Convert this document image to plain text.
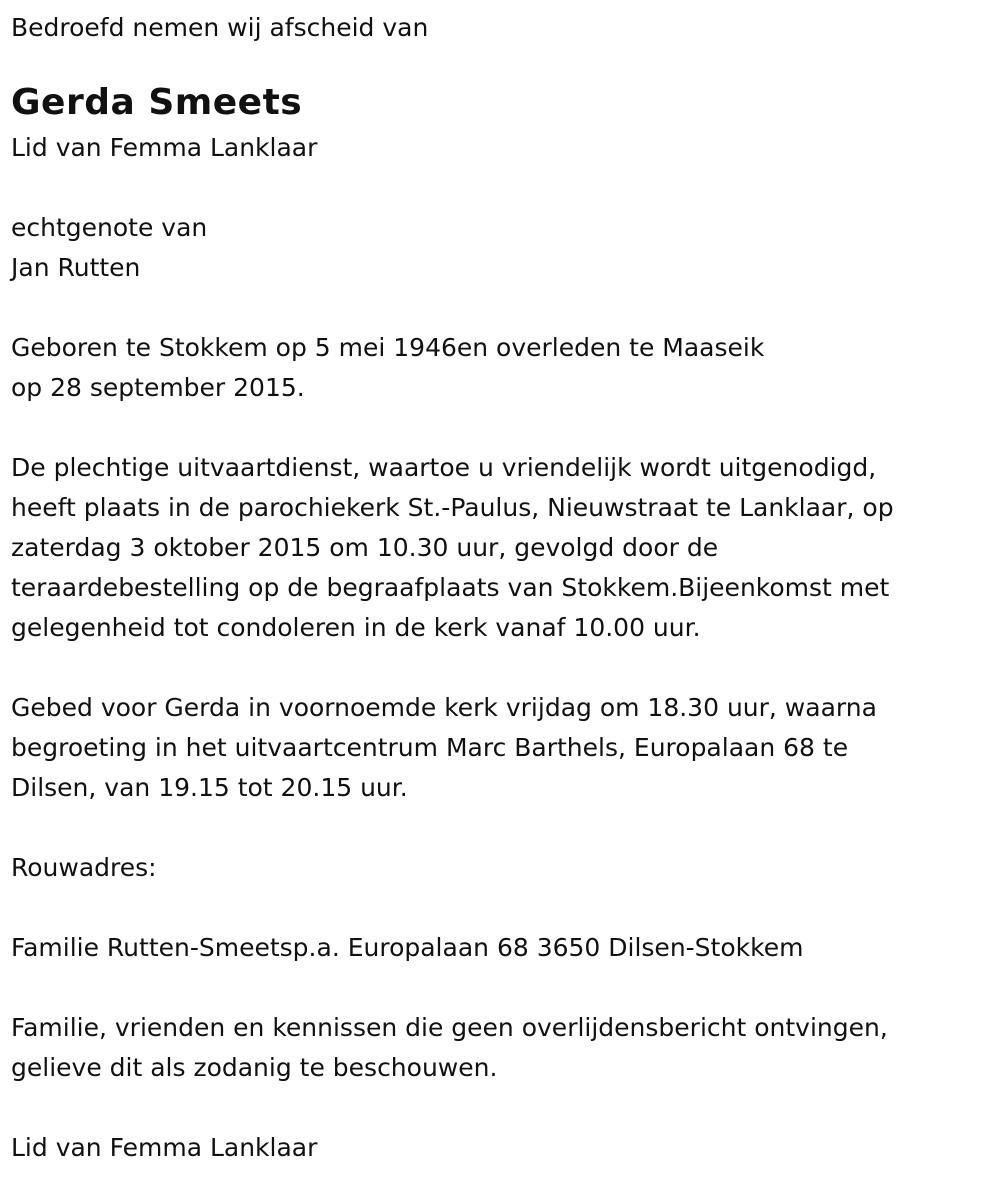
Bedroefd nemen wij afscheid van

Gerda Smeets

Lid van Femma Lanklaar

echtgenote van

Jan Rutten

Geboren te Stokkem op 5 mei 1946en overleden te Maaseik

op 28 september 2015.

De plechtige uitvaartdienst, waartoe u vriendelijk wordt uitgenodigd,

heeft plaats in de parochiekerk St.-Paulus, Nieuwstraat te Lanklaar, op

zaterdag 3 oktober 2015 om 10.30 uur, gevolgd door de

teraardebestelling op de begraafplaats van Stokkem.Bijeenkomst met

gelegenheid tot condoleren in de kerk vanaf 10.00 uur.

Gebed voor Gerda in voornoemde kerk vrijdag om 18.30 uur, waarna

begroeting in het uitvaartcentrum Marc Barthels, Europalaan 68 te

Dilsen, van 19.15 tot 20.15 uur.

Rouwadres:

Familie Rutten-Smeetsp.a. Europalaan 68 3650 Dilsen-Stokkem

Familie, vrienden en kennissen die geen overlijdensbericht ontvingen,

gelieve dit als zodanig te beschouwen.

Lid van Femma Lanklaar
